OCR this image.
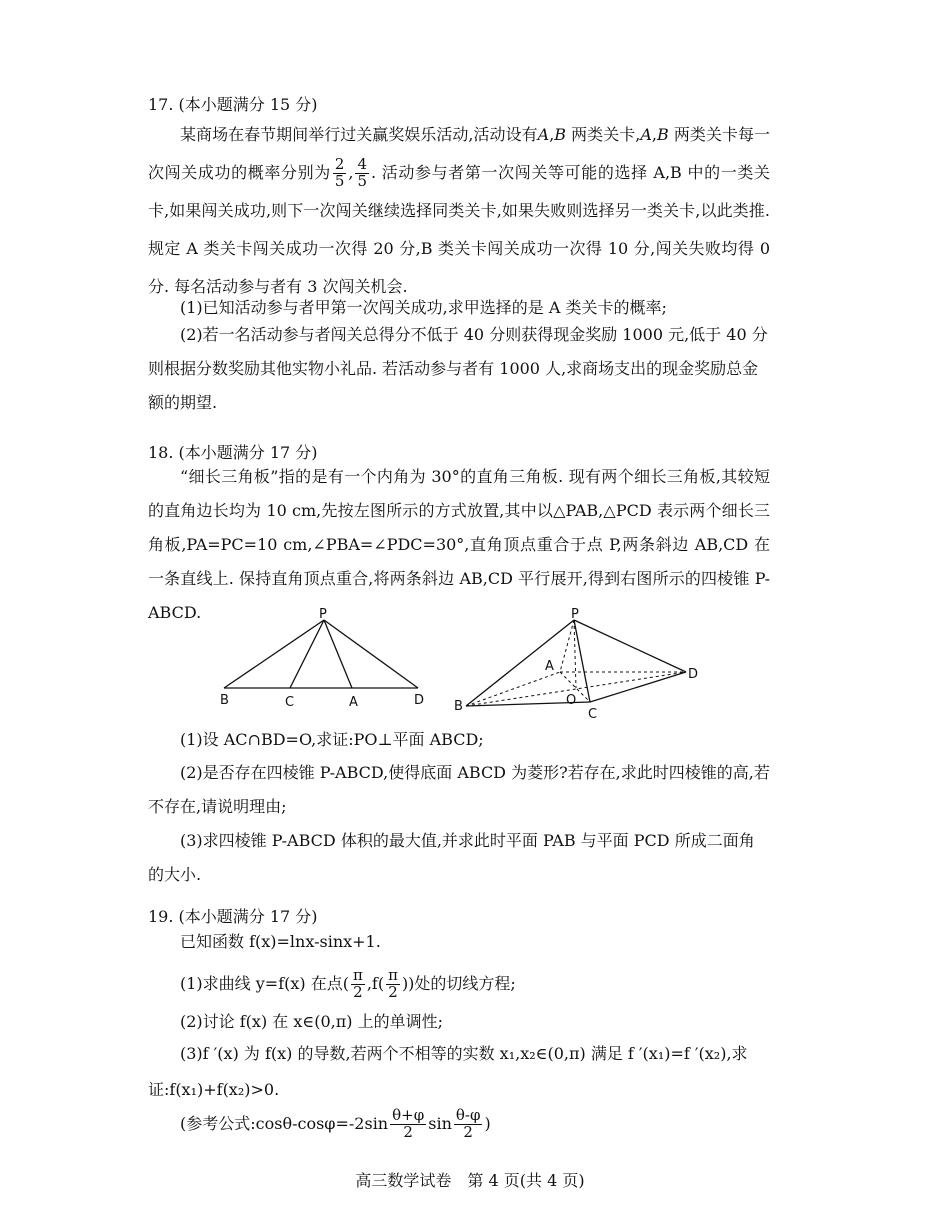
17. (本小题满分 15 分)
某商场在春节期间举行过关赢奖娱乐活动,活动设有A,B 两类关卡,A,B 两类关卡每一次闯关成功的概率分别为 $\frac{2}{5}$ , $\frac{4}{5}$ . 活动参与者第一次闯关等可能的选择 A,B 中的一类关卡,如果闯关成功,则下一次闯关继续选择同类关卡,如果失败则选择另一类关卡,以此类推. 规定 A 类关卡闯关成功一次得 20 分,B 类关卡闯关成功一次得 10 分,闯关失败均得 0 分. 每名活动参与者有 3 次闯关机会.
(1)已知活动参与者甲第一次闯关成功,求甲选择的是 A 类关卡的概率;
(2)若一名活动参与者闯关总得分不低于 40 分则获得现金奖励 1000 元,低于 40 分则根据分数奖励其他实物小礼品. 若活动参与者有 1000 人,求商场支出的现金奖励总金额的期望.
18. (本小题满分 17 分)
“细长三角板”指的是有一个内角为 30°的直角三角板. 现有两个细长三角板,其较短的直角边长均为 10 cm,先按左图所示的方式放置,其中以△PAB,△PCD 表示两个细长三角板,PA=PC=10 cm,∠PBA=∠PDC=30°,直角顶点重合于点 P,两条斜边 AB,CD 在一条直线上. 保持直角顶点重合,将两条斜边 AB,CD 平行展开,得到右图所示的四棱锥 P-ABCD.	P
B	C	A	D
P
A
O
D
B
C
(1)设 AC∩BD=O,求证:PO⊥平面 ABCD;
(2)是否存在四棱锥 P-ABCD,使得底面 ABCD 为菱形?若存在,求此时四棱锥的高,若不存在,请说明理由;
(3)求四棱锥 P-ABCD 体积的最大值,并求此时平面 PAB 与平面 PCD 所成二面角的大小.
19. (本小题满分 17 分)
已知函数 f(x)=lnx-sinx+1.
(1)求曲线 y=f(x) 在点( $\frac{\pi}{2} ,f( \frac{\pi}{2}$ ))处的切线方程;
(2)讨论 f(x) 在 x∈(0,π) 上的单调性;
(3)f ′(x) 为 f(x) 的导数,若两个不相等的实数 x₁,x₂∈(0,π) 满足 f ′(x₁)=f ′(x₂),求证:f(x₁)+f(x₂)>0.
(参考公式:cosθ-cosφ=-2sin $\frac{\theta+\varphi}{2}$ $\sin \frac{\theta-\varphi}{2}$ )
高三数学试卷　第 4 页(共 4 页)
